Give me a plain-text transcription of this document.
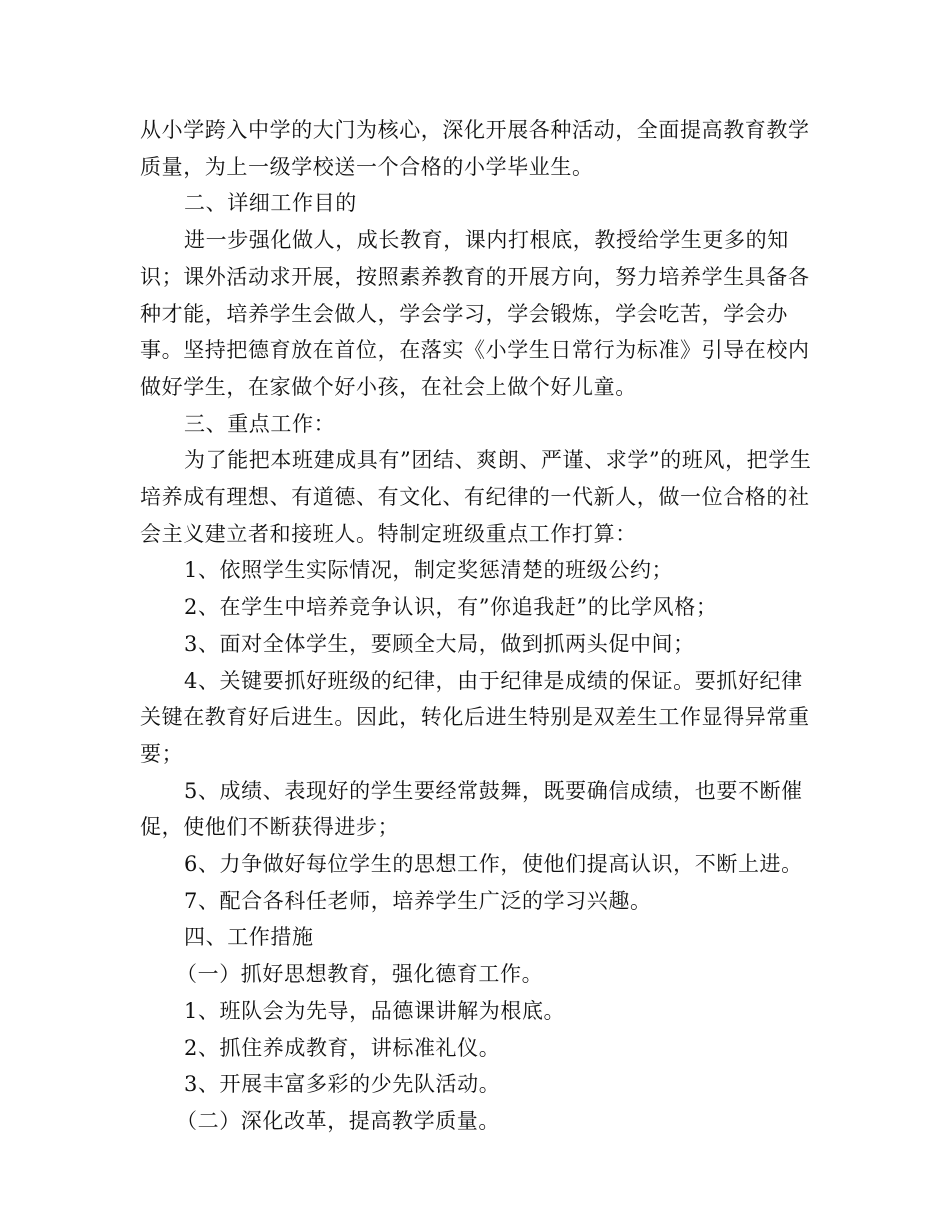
从小学跨入中学的大门为核心，深化开展各种活动，全面提高教育教学质量，为上一级学校送一个合格的小学毕业生。

二、详细工作目的

进一步强化做人，成长教育，课内打根底，教授给学生更多的知识；课外活动求开展，按照素养教育的开展方向，努力培养学生具备各种才能，培养学生会做人，学会学习，学会锻炼，学会吃苦，学会办事。坚持把德育放在首位，在落实《小学生日常行为标准》引导在校内做好学生，在家做个好小孩，在社会上做个好儿童。

三、重点工作：

为了能把本班建成具有”团结、爽朗、严谨、求学”的班风，把学生培养成有理想、有道德、有文化、有纪律的一代新人，做一位合格的社会主义建立者和接班人。特制定班级重点工作打算：

1、依照学生实际情况，制定奖惩清楚的班级公约；

2、在学生中培养竞争认识，有”你追我赶”的比学风格；

3、面对全体学生，要顾全大局，做到抓两头促中间；

4、关键要抓好班级的纪律，由于纪律是成绩的保证。要抓好纪律关键在教育好后进生。因此，转化后进生特别是双差生工作显得异常重要；

5、成绩、表现好的学生要经常鼓舞，既要确信成绩，也要不断催促，使他们不断获得进步；

6、力争做好每位学生的思想工作，使他们提高认识，不断上进。

7、配合各科任老师，培养学生广泛的学习兴趣。

四、工作措施

（一）抓好思想教育，强化德育工作。

1、班队会为先导，品德课讲解为根底。

2、抓住养成教育，讲标准礼仪。

3、开展丰富多彩的少先队活动。

（二）深化改革，提高教学质量。
